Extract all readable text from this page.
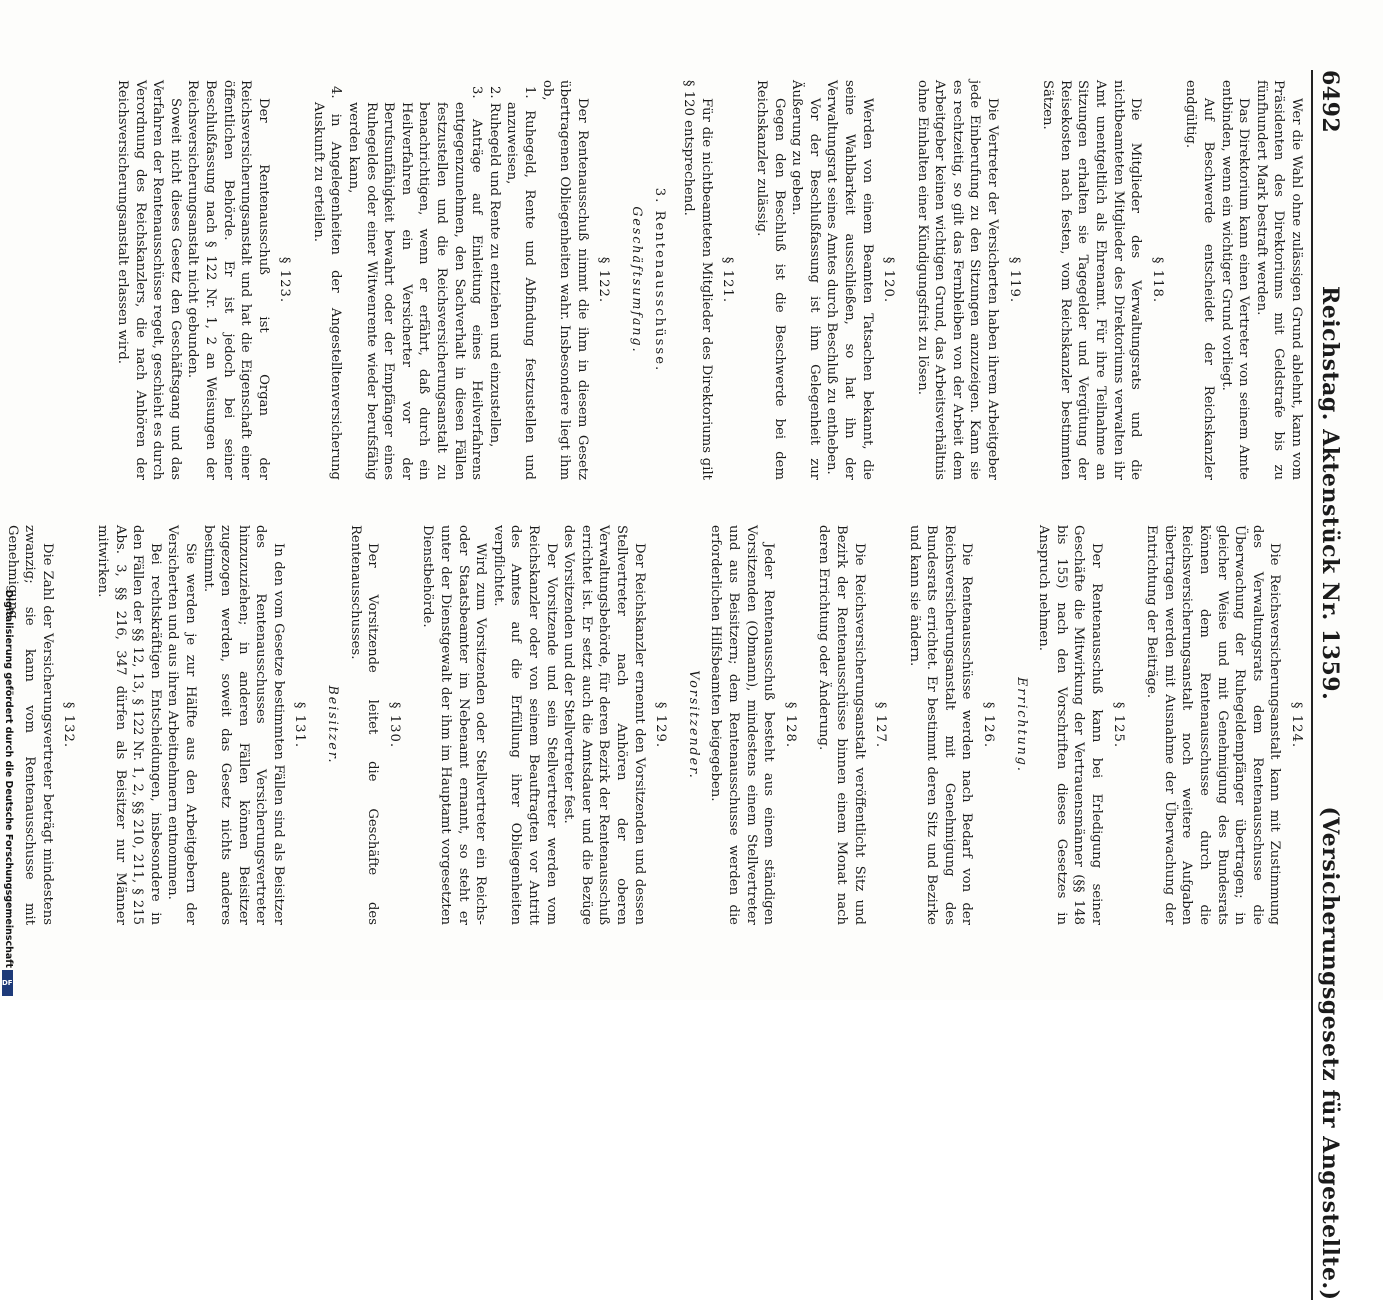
6492 Reichstag. Aktenstück Nr. 1359. (Versicherungsgesetz für Angestellte.)

Wer die Wahl ohne zulässigen Grund ablehnt, kann vom Präsidenten des Direktoriums mit Geldstrafe bis zu fünfhundert Mark bestraft werden.

Das Direktorium kann einen Vertreter von seinem Amte entbinden, wenn ein wichtiger Grund vorliegt.

Auf Beschwerde entscheidet der Reichskanzler endgültig.

§ 118.

Die Mitglieder des Verwaltungsrats und die nichtbeamteten Mitglieder des Direktoriums verwalten ihr Amt unentgeltlich als Ehrenamt. Für ihre Teilnahme an Sitzungen erhalten sie Tagegelder und Vergütung der Reisekosten nach festen, vom Reichskanzler bestimmten Sätzen.

§ 119.

Die Vertreter der Versicherten haben ihrem Arbeitgeber jede Einberufung zu den Sitzungen anzuzeigen. Kann sie es rechtzeitig, so gilt das Fernbleiben von der Arbeit dem Arbeitgeber keinen wichtigen Grund, das Arbeitsverhältnis ohne Einhalten einer Kündigungsfrist zu lösen.

§ 120.

Werden von einem Beamten Tatsachen bekannt, die seine Wahlbarkeit ausschließen, so hat ihn der Verwaltungsrat seines Amtes durch Beschluß zu entheben.

Vor der Beschlußfassung ist ihm Gelegenheit zur Äußerung zu geben.

Gegen den Beschluß ist die Beschwerde bei dem Reichskanzler zulässig.

§ 121.

Für die nichtbeamteten Mitglieder des Direktoriums gilt § 120 entsprechend.

3. Rentenausschüsse.
Geschäftsumfang.
§ 122.

Der Rentenausschuß nimmt die ihm in diesem Gesetz übertragenen Obliegenheiten wahr. Insbesondere liegt ihm ob,

1. Ruhegeld, Rente und Abfindung festzustellen und anzuweisen,

2. Ruhegeld und Rente zu entziehen und einzustellen,

3. Anträge auf Einleitung eines Heilverfahrens entgegenzunehmen, den Sachverhalt in diesen Fällen festzustellen und die Reichsversicherungsanstalt zu benachrichtigen, wenn er erfährt, daß durch ein Heilverfahren ein Versicherter vor der Berufsunfähigkeit bewahrt oder der Empfänger eines Ruhegeldes oder einer Witwenrente wieder berufsfähig werden kann,

4. in Angelegenheiten der Angestelltenversicherung Auskunft zu erteilen.

§ 123.

Der Rentenausschuß ist Organ der Reichsversicherungsanstalt und hat die Eigenschaft einer öffentlichen Behörde. Er ist jedoch bei seiner Beschlußfassung nach § 122 Nr. 1, 2 an Weisungen der Reichsversicherungsanstalt nicht gebunden.

Soweit nicht dieses Gesetz den Geschäftsgang und das Verfahren der Rentenausschüsse regelt, geschieht es durch Verordnung des Reichskanzlers, die nach Anhören der Reichsversicherungsanstalt erlassen wird.

§ 124.

Die Reichsversicherungsanstalt kann mit Zustimmung des Verwaltungsrats dem Rentenausschusse die Überwachung der Ruhegeldempfänger übertragen; in gleicher Weise und mit Genehmigung des Bundesrats können dem Rentenausschusse durch die Reichsversicherungsanstalt noch weitere Aufgaben übertragen werden mit Ausnahme der Überwachung der Entrichtung der Beiträge.

§ 125.

Der Rentenausschuß kann bei Erledigung seiner Geschäfte die Mitwirkung der Vertrauensmänner (§§ 148 bis 155) nach den Vorschriften dieses Gesetzes in Anspruch nehmen.

Errichtung.
§ 126.

Die Rentenausschüsse werden nach Bedarf von der Reichsversicherungsanstalt mit Genehmigung des Bundesrats errichtet. Er bestimmt deren Sitz und Bezirke und kann sie ändern.

§ 127.

Die Reichsversicherungsanstalt veröffentlicht Sitz und Bezirk der Rentenausschüsse binnen einem Monat nach deren Errichtung oder Änderung.

§ 128.

Jeder Rentenausschuß besteht aus einem ständigen Vorsitzenden (Obmann), mindestens einem Stellvertreter und aus Beisitzern; dem Rentenausschusse werden die erforderlichen Hilfsbeamten beigegeben.

Vorsitzender.
§ 129.

Der Reichskanzler ernennt den Vorsitzenden und dessen Stellvertreter nach Anhören der oberen Verwaltungsbehörde, für deren Bezirk der Rentenausschuß errichtet ist. Er setzt auch die Amtsdauer und die Bezüge des Vorsitzenden und der Stellvertreter fest.

Der Vorsitzende und sein Stellvertreter werden vom Reichskanzler oder von seinem Beauftragten vor Antritt des Amtes auf die Erfüllung ihrer Obliegenheiten verpflichtet.

Wird zum Vorsitzenden oder Stellvertreter ein Reichs- oder Staatsbeamter im Nebenamt ernannt, so steht er unter der Dienstgewalt der ihm im Hauptamt vorgesetzten Dienstbehörde.

§ 130.

Der Vorsitzende leitet die Geschäfte des Rentenausschusses.

Beisitzer.
§ 131.

In den vom Gesetze bestimmten Fällen sind als Beisitzer des Rentenausschusses Versicherungsvertreter hinzuzuziehen; in anderen Fällen können Beisitzer zugezogen werden, soweit das Gesetz nichts anderes bestimmt.

Sie werden je zur Hälfte aus den Arbeitgebern der Versicherten und aus ihren Arbeitnehmern entnommen.

Bei rechtskräftigen Entscheidungen, insbesondere in den Fällen der §§ 12, 13, § 122 Nr. 1, 2, §§ 210, 211, § 215 Abs. 3, §§ 216, 347 dürfen als Beisitzer nur Männer mitwirken.

§ 132.

Die Zahl der Versicherungsvertreter beträgt mindestens zwanzig; sie kann vom Rentenausschusse mit Genehmigung

Digitalisierung gefördert durch die Deutsche Forschungsgemeinschaft
DFG
